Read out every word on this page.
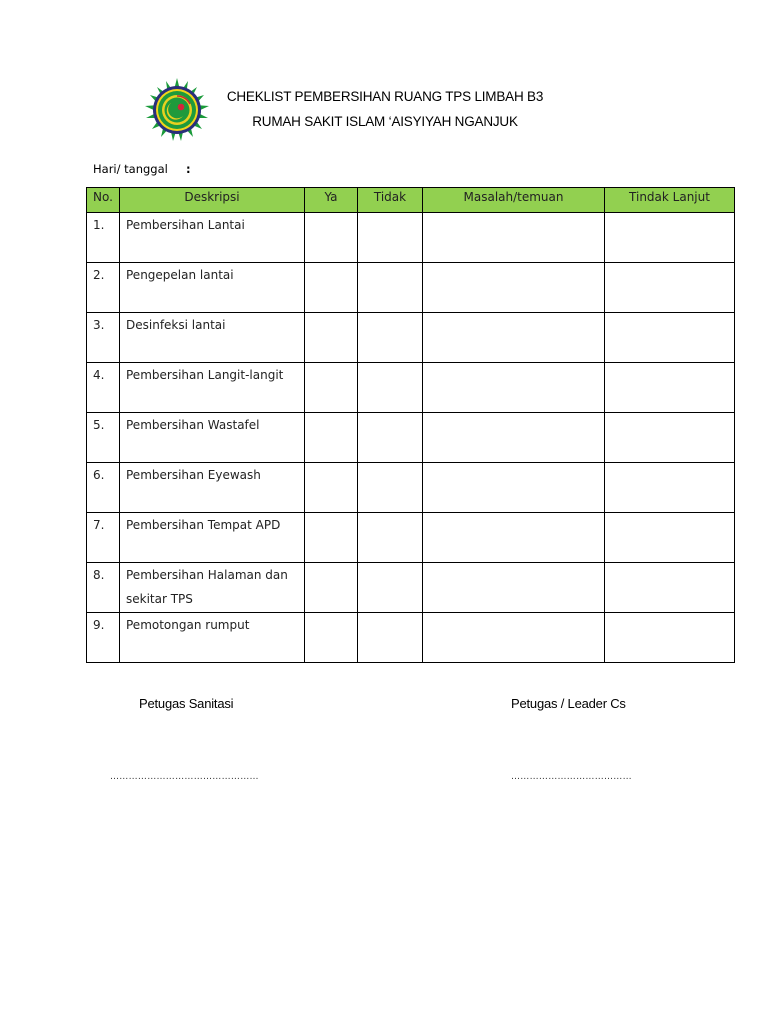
CHEKLIST PEMBERSIHAN RUANG TPS LIMBAH B3
RUMAH SAKIT ISLAM ‘AISYIYAH NGANJUK
Hari/ tanggal :
No.	Deskripsi	Ya	Tidak	Masalah/temuan	Tindak Lanjut
1.	Pembersihan Lantai				
2.	Pengepelan lantai				
3.	Desinfeksi lantai				
4.	Pembersihan Langit-langit				
5.	Pembersihan Wastafel				
6.	Pembersihan Eyewash				
7.	Pembersihan Tempat APD				
8.	Pembersihan Halaman dan sekitar TPS				
9.	Pemotongan rumput				
Petugas Sanitasi	Petugas / Leader Cs
…………………………………………	…………………………………
